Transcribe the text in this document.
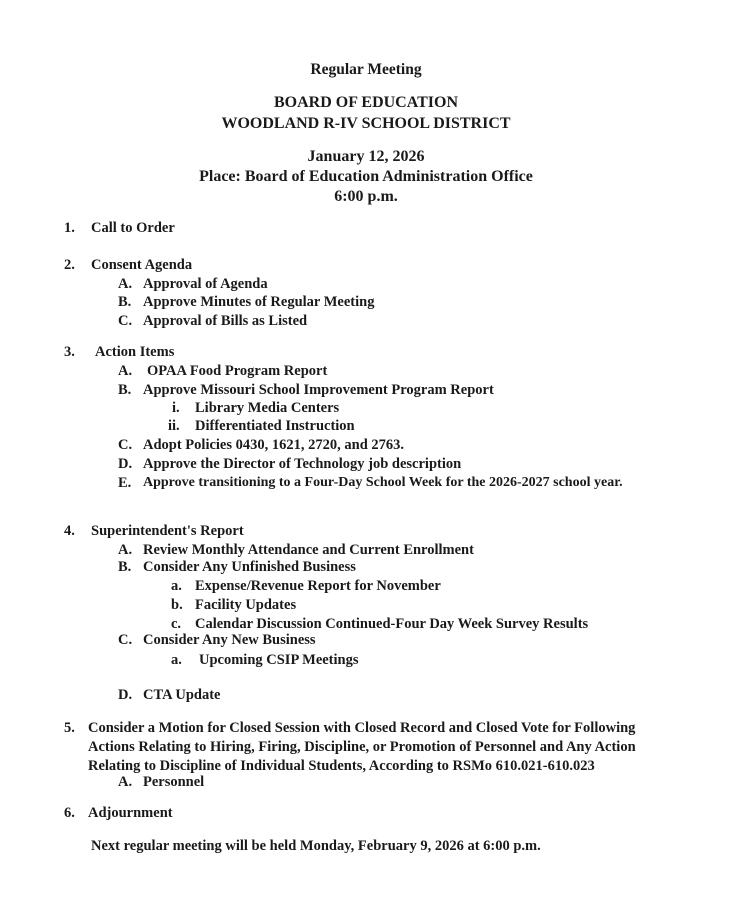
Regular Meeting
BOARD OF EDUCATION
WOODLAND R-IV SCHOOL DISTRICT
January 12, 2026
Place: Board of Education Administration Office
6:00 p.m.
1. Call to Order
2. Consent Agenda
A. Approval of Agenda
B. Approve Minutes of Regular Meeting
C. Approval of Bills as Listed
3. Action Items
A. OPAA Food Program Report
B. Approve Missouri School Improvement Program Report
i. Library Media Centers
ii. Differentiated Instruction
C. Adopt Policies 0430, 1621, 2720, and 2763.
D. Approve the Director of Technology job description
E. Approve transitioning to a Four-Day School Week for the 2026-2027 school year.
4. Superintendent's Report
A. Review Monthly Attendance and Current Enrollment
B. Consider Any Unfinished Business
a. Expense/Revenue Report for November
b. Facility Updates
c. Calendar Discussion Continued-Four Day Week Survey Results
C. Consider Any New Business
a. Upcoming CSIP Meetings
D. CTA Update
5. Consider a Motion for Closed Session with Closed Record and Closed Vote for Following
Actions Relating to Hiring, Firing, Discipline, or Promotion of Personnel and Any Action
Relating to Discipline of Individual Students, According to RSMo 610.021-610.023
A. Personnel
6. Adjournment
Next regular meeting will be held Monday, February 9, 2026 at 6:00 p.m.
